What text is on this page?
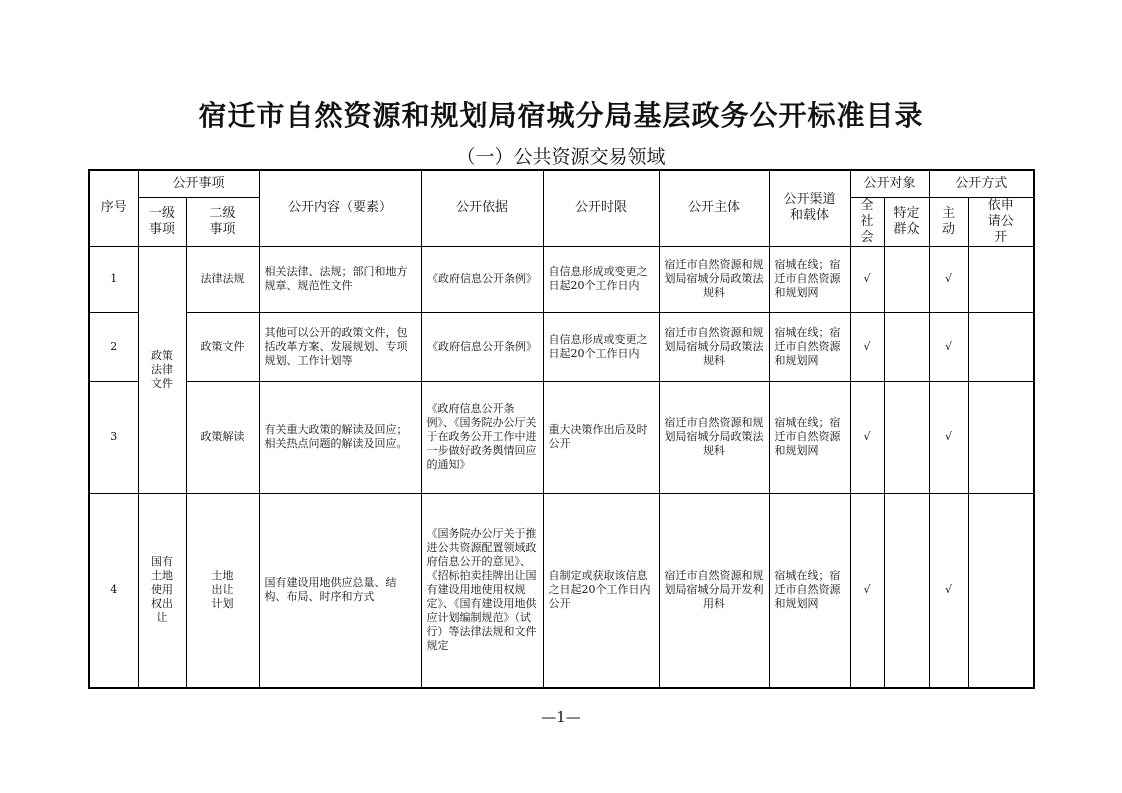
宿迁市自然资源和规划局宿城分局基层政务公开标准目录
（一）公共资源交易领域
序号	公开事项		公开内容（要素）	公开依据	公开时限	公开主体	公开渠道和载体	公开对象		公开方式	
	一级事项	二级事项						全社会	特定群众	主动	依申请公开
1	政策法律文件	法律法规	相关法律、法规；部门和地方规章、规范性文件	《政府信息公开条例》	自信息形成或变更之日起20个工作日内	宿迁市自然资源和规划局宿城分局政策法规科	宿城在线；宿迁市自然资源和规划网	√		√	
2		政策文件	其他可以公开的政策文件，包括改革方案、发展规划、专项规划、工作计划等	《政府信息公开条例》	自信息形成或变更之日起20个工作日内	宿迁市自然资源和规划局宿城分局政策法规科	宿城在线；宿迁市自然资源和规划网	√		√	
3		政策解读	有关重大政策的解读及回应；相关热点问题的解读及回应。	《政府信息公开条例》、《国务院办公厅关于在政务公开工作中进一步做好政务舆情回应的通知》	重大决策作出后及时公开	宿迁市自然资源和规划局宿城分局政策法规科	宿城在线；宿迁市自然资源和规划网	√		√	
4	国有土地使用权出让	土地出让计划	国有建设用地供应总量、结构、布局、时序和方式	《国务院办公厅关于推进公共资源配置领域政府信息公开的意见》、《招标拍卖挂牌出让国有建设用地使用权规定》、《国有建设用地供应计划编制规范》（试行）等法律法规和文件规定	自制定或获取该信息之日起20个工作日内公开	宿迁市自然资源和规划局宿城分局开发利用科	宿城在线；宿迁市自然资源和规划网	√		√	
—1—
